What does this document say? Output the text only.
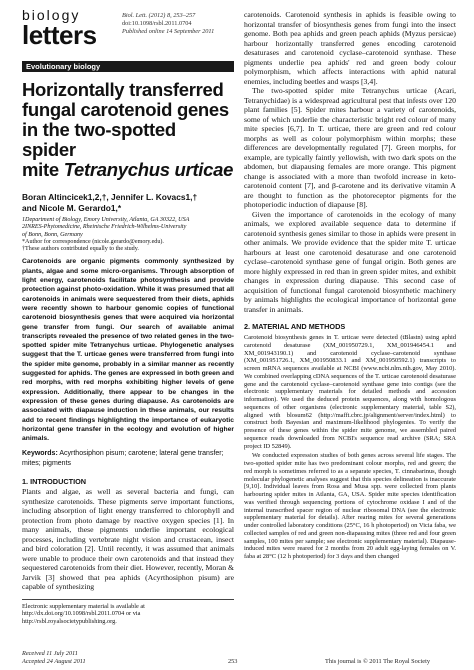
biology
letters
Biol. Lett. (2012) 8, 253–257
doi:10.1098/rsbl.2011.0704
Published online 14 September 2011
Evolutionary biology
Horizontally transferred
fungal carotenoid genes
in the two-spotted spider
mite Tetranychus urticae
Boran Altincicek1,2,†, Jennifer L. Kovacs1,†
and Nicole M. Gerardo1,*
1Department of Biology, Emory University, Atlanta, GA 30322, USA
2INRES-Phytomedicine, Rheinische Friedrich-Wilhelms-University
of Bonn, Bonn, Germany
*Author for correspondence (nicole.gerardo@emory.edu).
†These authors contributed equally to the study.
Carotenoids are organic pigments commonly synthesized by plants, algae and some micro-organisms. Through absorption of light energy, carotenoids facilitate photosynthesis and provide protection against photo-oxidation. While it was presumed that all carotenoids in animals were sequestered from their diets, aphids were recently shown to harbour genomic copies of functional carotenoid biosynthesis genes that were acquired via horizontal gene transfer from fungi. Our search of available animal transcripts revealed the presence of two related genes in the two-spotted spider mite Tetranychus urticae. Phylogenetic analyses suggest that the T. urticae genes were transferred from fungi into the spider mite genome, probably in a similar manner as recently suggested for aphids. The genes are expressed in both green and red morphs, with red morphs exhibiting higher levels of gene expression. Additionally, there appear to be changes in the expression of these genes during diapause. As carotenoids are associated with diapause induction in these animals, our results add to recent findings highlighting the importance of eukaryotic horizontal gene transfer in the ecology and evolution of higher animals.
Keywords: Acyrthosiphon pisum; carotene; lateral gene transfer; mites; pigments
1. INTRODUCTION
Plants and algae, as well as several bacteria and fungi, can synthesize carotenoids. These pigments serve important functions, including absorption of light energy transferred to chlorophyll and protection from photo damage by reactive oxygen species [1]. In many animals, these pigments underlie important ecological processes, including vertebrate night vision and crustacean, insect and bird coloration [2]. Until recently, it was assumed that animals were unable to produce their own carotenoids and that instead they sequestered carotenoids from their diet. However, recently, Moran & Jarvik [3] showed that pea aphids (Acyrthosiphon pisum) are capable of synthesizing
Electronic supplementary material is available at http://dx.doi.org/10.1098/rsbl.2011.0704 or via http://rsbl.royalsocietypublishing.org.
carotenoids. Carotenoid synthesis in aphids is feasible owing to horizontal transfer of biosynthesis genes from fungi into the insect genome. Both pea aphids and green peach aphids (Myzus persicae) harbour horizontally transferred genes encoding carotenoid desaturases and carotenoid cyclase–carotenoid synthase. These pigments underlie pea aphids' red and green body colour polymorphism, which affects interactions with aphid natural enemies, including beetles and wasps [3,4].
The two-spotted spider mite Tetranychus urticae (Acari, Tetranychidae) is a widespread agricultural pest that infests over 120 plant families [5]. Spider mites harbour a variety of carotenoids, some of which underlie the characteristic bright red colour of many mite species [6,7]. In T. urticae, there are green and red colour morphs as well as colour polymorphism within morphs; these differences are developmentally regulated [7]. Green morphs, for example, are typically faintly yellowish, with two dark spots on the abdomen, but diapausing females are more orange. This pigment change is associated with a more than twofold increase in keto-carotenoid content [7], and β-carotene and its derivative vitamin A are thought to function as the photoreceptor pigments for the photoperiodic induction of diapause [8].
Given the importance of carotenoids in the ecology of many animals, we explored available sequence data to determine if carotenoid synthesis genes similar to those in aphids were present in other animals. We provide evidence that the spider mite T. urticae harbours at least one carotenoid desaturase and one carotenoid cyclase–carotenoid synthase gene of fungal origin. Both genes are more highly expressed in red than in green spider mites, and exhibit changes in expression during diapause. This second case of acquisition of functional fungal carotenoid biosynthetic machinery by animals highlights the ecological importance of horizontal gene transfer in animals.
2. MATERIAL AND METHODS
Carotenoid biosynthesis genes in T. urticae were detected (tBlastn) using aphid carotenoid desaturase (XM_001950729.1, XM_001946454.1 and XM_001943190.1) and carotenoid cyclase–carotenoid synthase (XM_001951726.1, XM_001950833.1 and XM_001950592.1) transcripts to screen mRNA sequences available at NCBI (www.ncbi.nlm.nih.gov, May 2010). We combined overlapping cDNA sequences of the T. urticae carotenoid desaturase gene and the carotenoid cyclase–carotenoid synthase gene into contigs (see the electronic supplementary materials for detailed methods and accession information). We used the deduced protein sequences, along with homologous sequences of other organisms (electronic supplementary material, table S2), aligned with blosum62 (http://mafft.cbrc.jp/alignment/server/index.html) to construct both Bayesian and maximum-likelihood phylogenies. To verify the presence of these genes within the spider mite genome, we assembled paired sequence reads downloaded from NCBI's sequence read archive (SRA; SRA project ID 52849).
We conducted expression studies of both genes across several life stages. The two-spotted spider mite has two predominant colour morphs, red and green; the red morph is sometimes referred to as a separate species, T. cinnabarinus, though molecular phylogenetic analyses suggest that this species delineation is inaccurate [9,10]. Individual leaves from Rosa and Musa spp. were collected from plants harbouring spider mites in Atlanta, GA, USA. Spider mite species identification was verified through sequencing portions of cytochrome oxidase I and of the internal transcribed spacer region of nuclear ribosomal DNA (see the electronic supplementary material for details). After rearing mites for several generations under controlled laboratory conditions (25°C, 16 h photoperiod) on Vicia faba, we collected samples of red and green non-diapausing mites (three red and four green samples, 100 mites per sample; see electronic supplementary material). Diapause-induced mites were reared for 2 months from 20 adult egg-laying females on V. faba at 28°C (12 h photoperiod) for 3 days and then changed
Received 11 July 2011
Accepted 24 August 2011	253	This journal is © 2011 The Royal Society
